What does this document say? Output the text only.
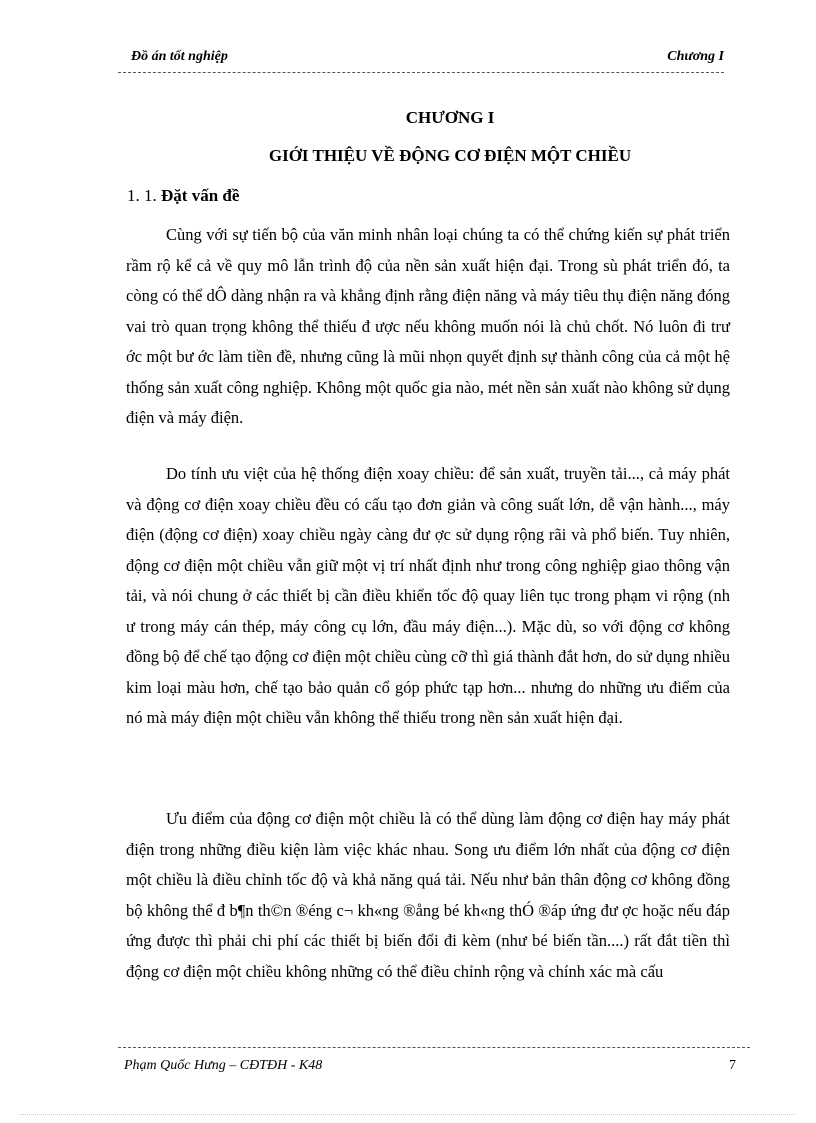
Đồ án tốt nghiệp	Chương I
CHƯƠNG I
GIỚI THIỆU VỀ ĐỘNG CƠ ĐIỆN MỘT CHIỀU
1. 1. Đặt vấn đề

Cùng với sự tiến bộ của văn minh nhân loại chúng ta có thể chứng kiến sự phát triển rầm rộ kể cả về quy mô lẫn trình độ của nền sản xuất hiện đại. Trong sù phát triển đó, ta còng có thể dÔ dàng nhận ra và khẳng định rằng điện năng và máy tiêu thụ điện năng đóng vai trò quan trọng không thể thiếu đ ược nếu không muốn nói là chủ chốt. Nó luôn đi trư ớc một bư ớc làm tiền đề, nhưng cũng là mũi nhọn quyết định sự thành công của cả một hệ thống sản xuất công nghiệp. Không một quốc gia nào, mét nền sản xuất nào không sử dụng điện và máy điện.

Do tính ưu việt của hệ thống điện xoay chiều: để sản xuất, truyền tải..., cả máy phát và động cơ điện xoay chiều đều có cấu tạo đơn giản và công suất lớn, dễ vận hành..., máy điện (động cơ điện) xoay chiều ngày càng đư ợc sử dụng rộng rãi và phổ biến. Tuy nhiên, động cơ điện một chiều vẫn giữ một vị trí nhất định như trong công nghiệp giao thông vận tải, và nói chung ở các thiết bị cần điều khiển tốc độ quay liên tục trong phạm vi rộng (nh ư trong máy cán thép, máy công cụ lớn, đầu máy điện...). Mặc dù, so với động cơ không đồng bộ để chế tạo động cơ điện một chiều cùng cỡ thì giá thành đắt hơn, do sử dụng nhiều kim loại màu hơn, chế tạo bảo quản cổ góp phức tạp hơn... nhưng do những ưu điểm của nó mà máy điện một chiều vẫn không thể thiếu trong nền sản xuất hiện đại.

Ưu điểm của động cơ điện một chiều là có thể dùng làm động cơ điện hay máy phát điện trong những điều kiện làm việc khác nhau. Song ưu điểm lớn nhất của động cơ điện một chiều là điều chỉnh tốc độ và khả năng quá tải. Nếu như bản thân động cơ không đồng bộ không thể đ b¶n th©n ®éng c¬ kh«ng ®ång bé kh«ng thÓ ®áp ứng đư ợc hoặc nếu đáp ứng được thì phải chi phí các thiết bị biến đổi đi kèm (như bé biến tần....) rất đắt tiền thì động cơ điện một chiều không những có thể điều chỉnh rộng và chính xác mà cấu

Phạm Quốc Hưng – CĐTĐH - K48	7
